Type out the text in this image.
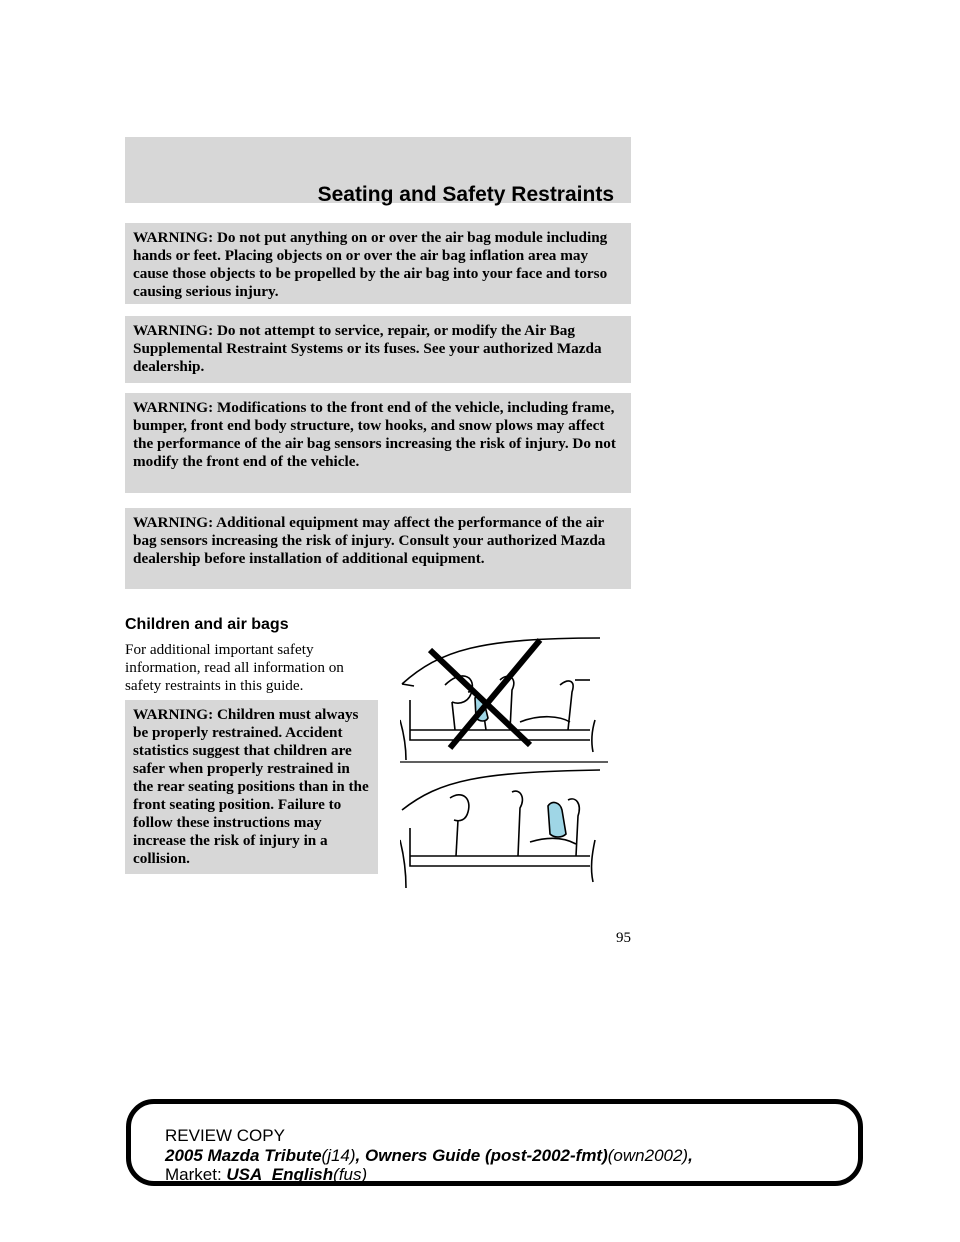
Seating and Safety Restraints
WARNING: Do not put anything on or over the air bag module including hands or feet. Placing objects on or over the air bag inflation area may cause those objects to be propelled by the air bag into your face and torso causing serious injury.
WARNING: Do not attempt to service, repair, or modify the Air Bag Supplemental Restraint Systems or its fuses. See your authorized Mazda dealership.
WARNING: Modifications to the front end of the vehicle, including frame, bumper, front end body structure, tow hooks, and snow plows may affect the performance of the air bag sensors increasing the risk of injury. Do not modify the front end of the vehicle.
WARNING: Additional equipment may affect the performance of the air bag sensors increasing the risk of injury. Consult your authorized Mazda dealership before installation of additional equipment.
Children and air bags
For additional important safety information, read all information on safety restraints in this guide.
WARNING: Children must always be properly restrained. Accident statistics suggest that children are safer when properly restrained in the rear seating positions than in the front seating position. Failure to follow these instructions may increase the risk of injury in a collision.
95
REVIEW COPY
2005 Mazda Tribute(j14), Owners Guide (post-2002-fmt)(own2002),
Market: USA_English(fus)
